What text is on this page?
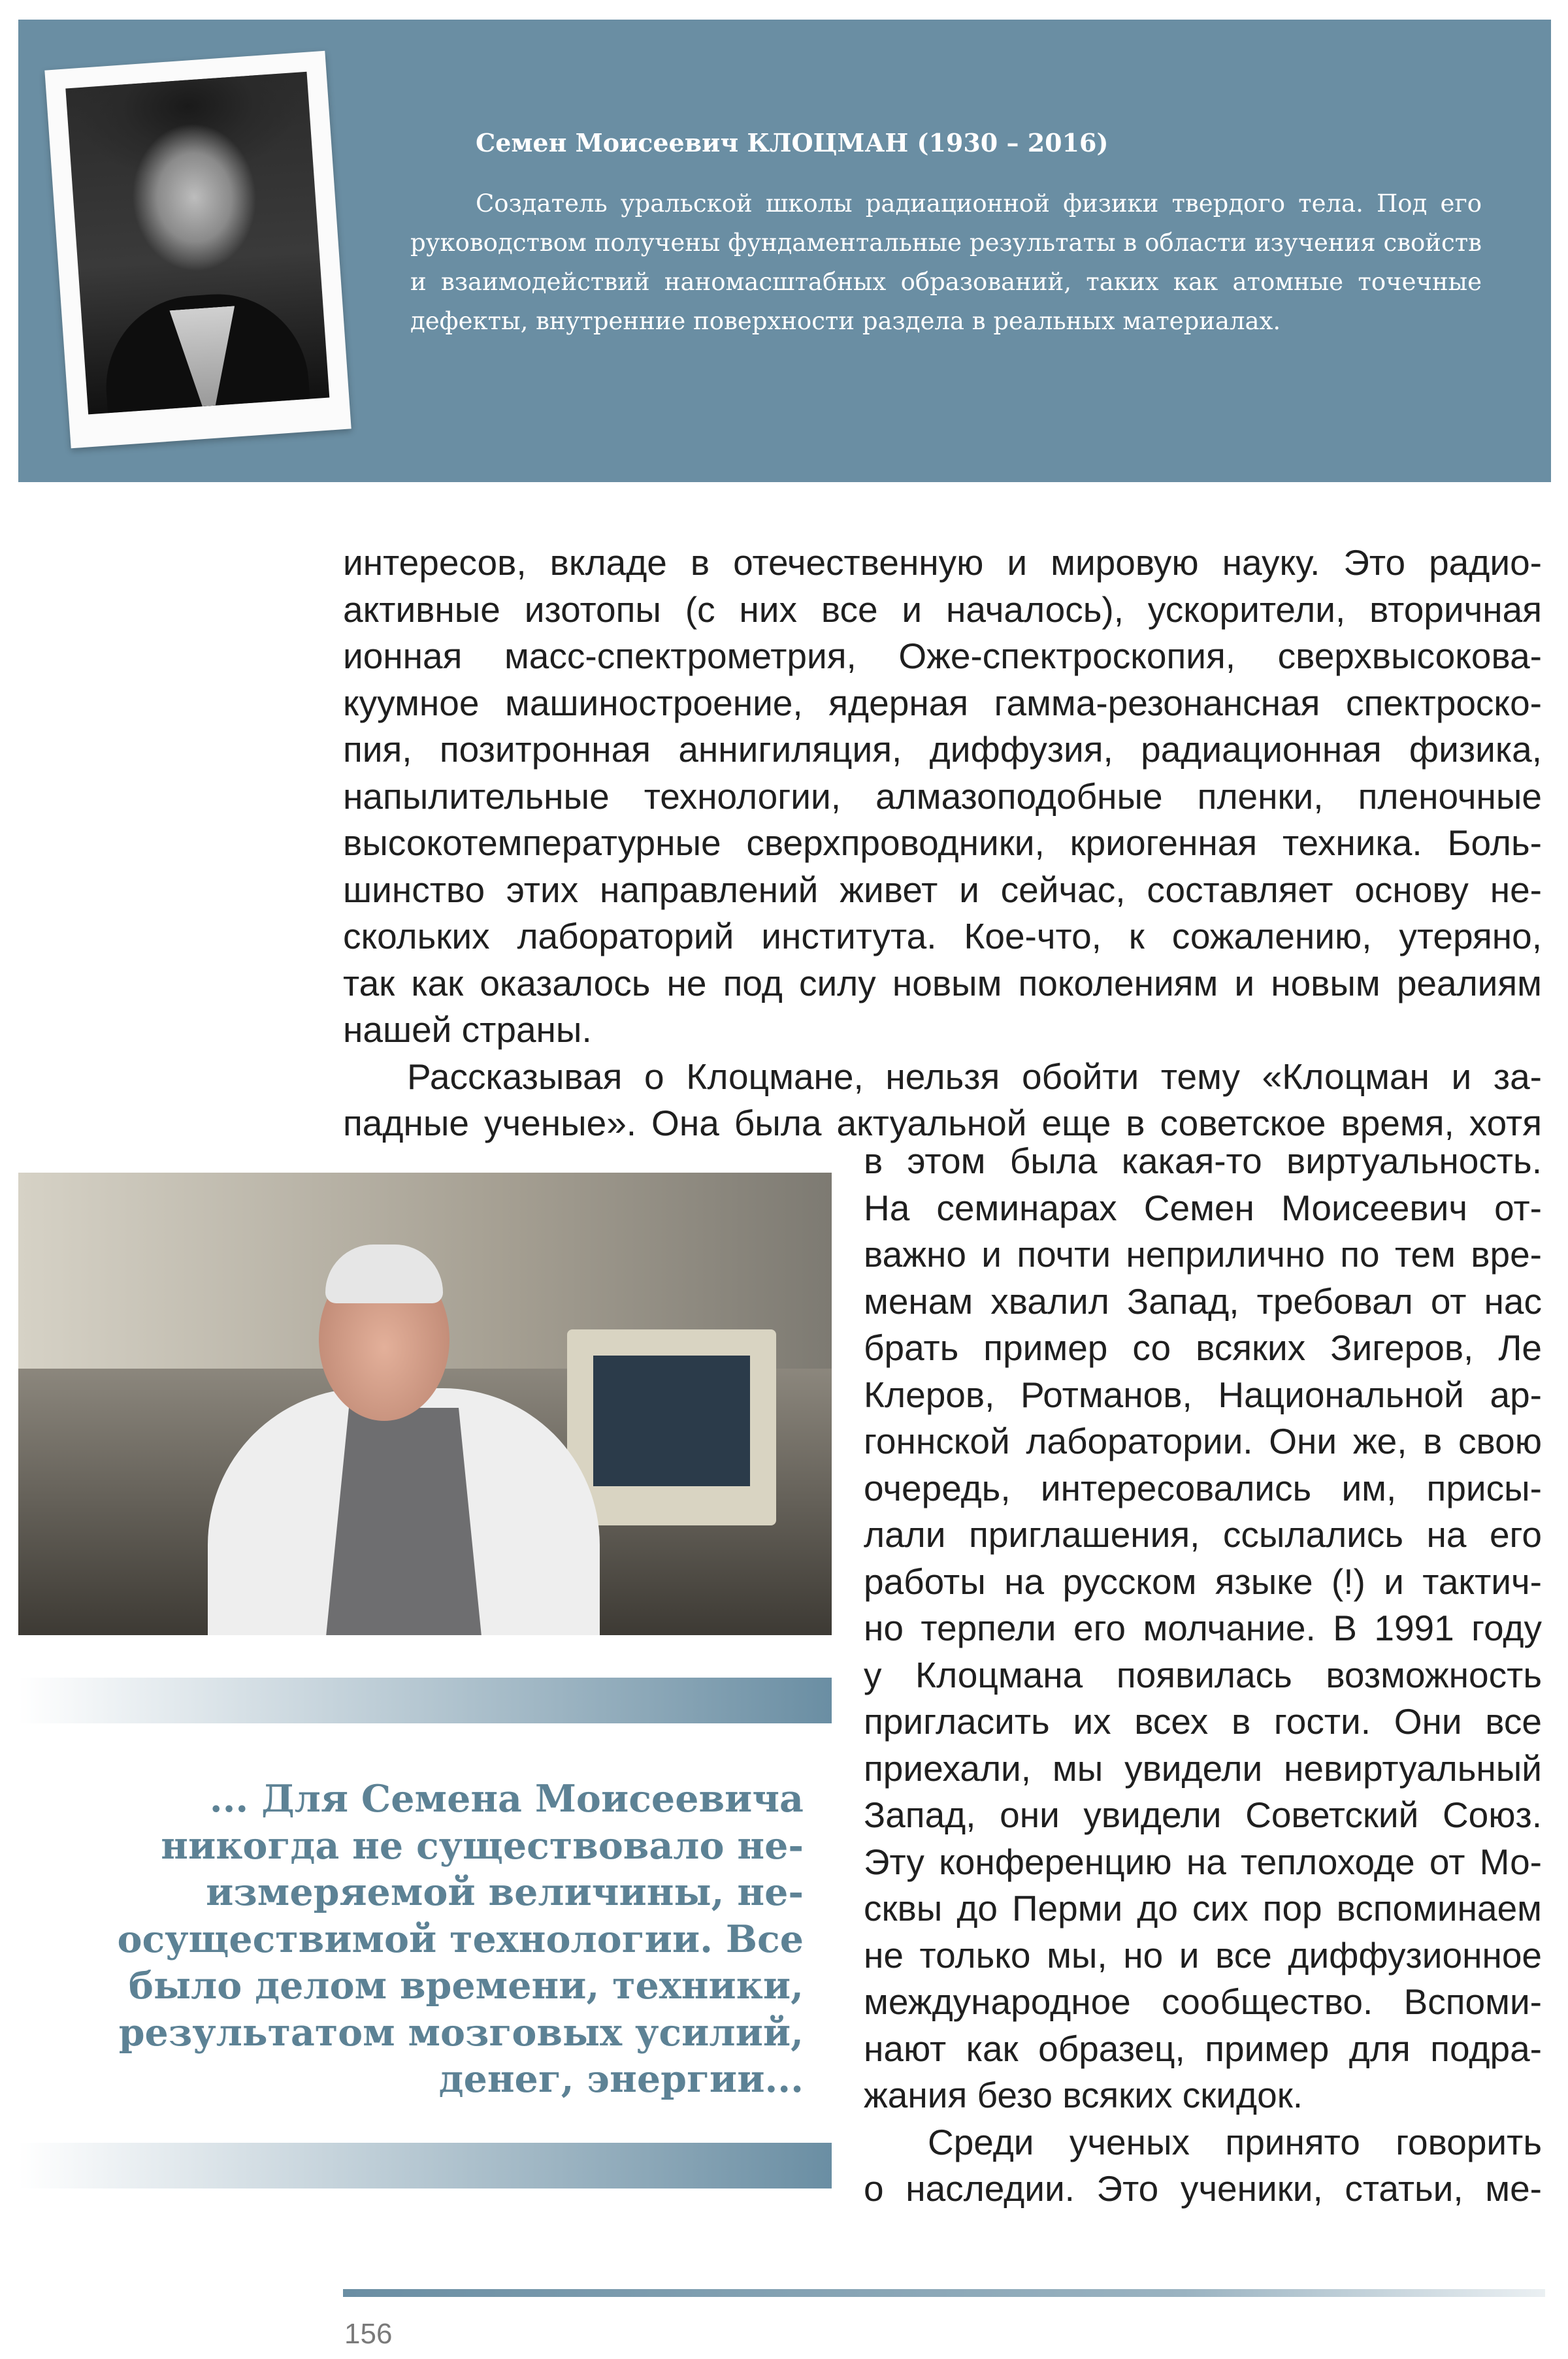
Семен Моисеевич КЛОЦМАН (1930 – 2016)

Создатель уральской школы радиационной физики твердого тела. Под его руководством получены фундаментальные результаты в области изучения свойств и взаимодействий наномасштабных образований, таких как атомные точечные дефекты, внутренние поверхности раздела в реальных материалах.

интересов, вкладе в отечественную и мировую науку. Это радио-
активные изотопы (с них все и началось), ускорители, вторичная
ионная масс-спектрометрия, Оже-спектроскопия, сверхвысокова-
куумное машиностроение, ядерная гамма-резонансная спектроско-
пия, позитронная аннигиляция, диффузия, радиационная физика,
напылительные технологии, алмазоподобные пленки, пленочные
высокотемпературные сверхпроводники, криогенная техника. Боль-
шинство этих направлений живет и сейчас, составляет основу не-
скольких лабораторий института. Кое-что, к сожалению, утеряно,
так как оказалось не под силу новым поколениям и новым реалиям
нашей страны.

Рассказывая о Клоцмане, нельзя обойти тему «Клоцман и за-
падные ученые». Она была актуальной еще в советское время, хотя

... Для Семена Моисеевича
никогда не существовало не-
измеряемой величины, не-
осуществимой технологии. Все
было делом времени, техники,
результатом мозговых усилий,
денег, энергии...

в этом была какая-то виртуальность.
На семинарах Семен Моисеевич от-
важно и почти неприлично по тем вре-
менам хвалил Запад, требовал от нас
брать пример со всяких Зигеров, Ле
Клеров, Ротманов, Национальной ар-
гоннской лаборатории. Они же, в свою
очередь, интересовались им, присы-
лали приглашения, ссылались на его
работы на русском языке (!) и тактич-
но терпели его молчание. В 1991 году
у Клоцмана появилась возможность
пригласить их всех в гости. Они все
приехали, мы увидели невиртуальный
Запад, они увидели Советский Союз.
Эту конференцию на теплоходе от Мо-
сквы до Перми до сих пор вспоминаем
не только мы, но и все диффузионное
международное сообщество. Вспоми-
нают как образец, пример для подра-
жания безо всяких скидок.

Среди ученых принято говорить
о наследии. Это ученики, статьи, ме-

156
